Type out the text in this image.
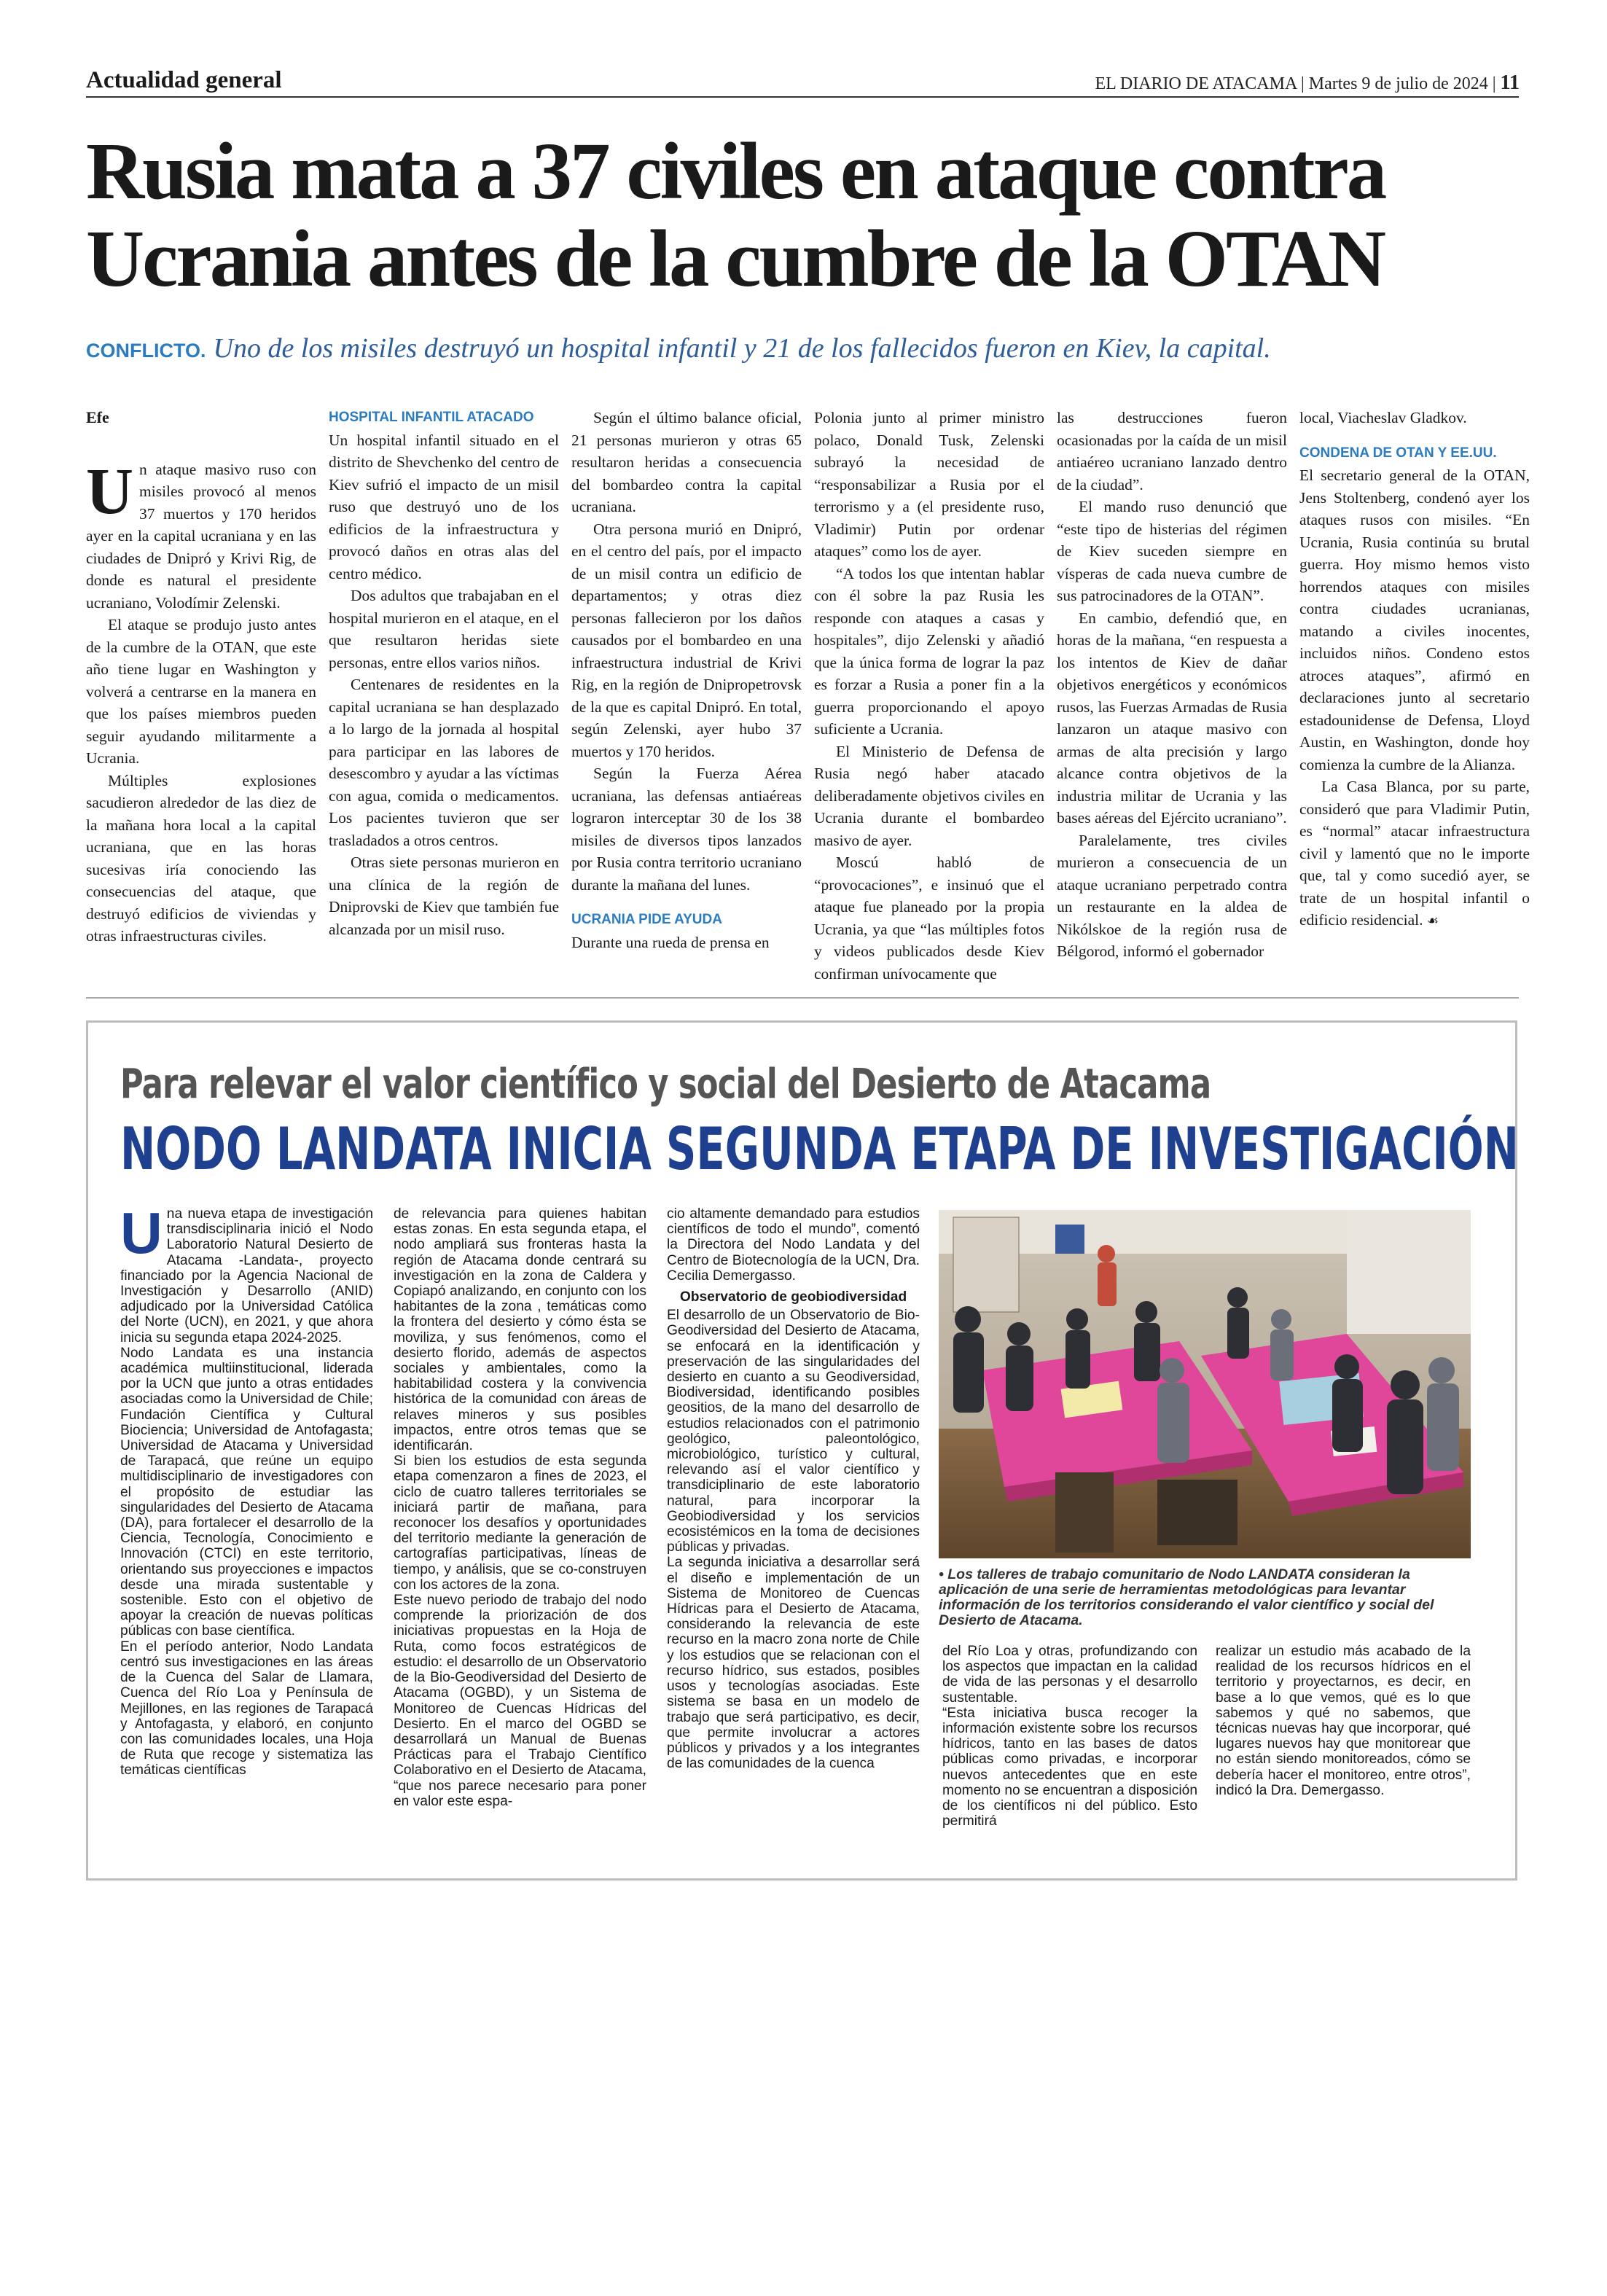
Actualidad general	EL DIARIO DE ATACAMA | Martes 9 de julio de 2024 | 11
Rusia mata a 37 civiles en ataque contra
Ucrania antes de la cumbre de la OTAN
CONFLICTO. Uno de los misiles destruyó un hospital infantil y 21 de los fallecidos fueron en Kiev, la capital.
Efe

Un ataque masivo ruso con misiles provocó al menos 37 muertos y 170 heridos ayer en la capital ucraniana y en las ciudades de Dnipró y Krivi Rig, de donde es natural el presidente ucraniano, Volodímir Zelenski.

El ataque se produjo justo antes de la cumbre de la OTAN, que este año tiene lugar en Washington y volverá a centrarse en la manera en que los países miembros pueden seguir ayudando militarmente a Ucrania.

Múltiples explosiones sacudieron alrededor de las diez de la mañana hora local a la capital ucraniana, que en las horas sucesivas iría conociendo las consecuencias del ataque, que destruyó edificios de viviendas y otras infraestructuras civiles.

HOSPITAL INFANTIL ATACADO

Un hospital infantil situado en el distrito de Shevchenko del centro de Kiev sufrió el impacto de un misil ruso que destruyó uno de los edificios de la infraestructura y provocó daños en otras alas del centro médico.

Dos adultos que trabajaban en el hospital murieron en el ataque, en el que resultaron heridas siete personas, entre ellos varios niños.

Centenares de residentes en la capital ucraniana se han desplazado a lo largo de la jornada al hospital para participar en las labores de desescombro y ayudar a las víctimas con agua, comida o medicamentos. Los pacientes tuvieron que ser trasladados a otros centros.

Otras siete personas murieron en una clínica de la región de Dniprovski de Kiev que también fue alcanzada por un misil ruso.

Según el último balance oficial, 21 personas murieron y otras 65 resultaron heridas a consecuencia del bombardeo contra la capital ucraniana.

Otra persona murió en Dnipró, en el centro del país, por el impacto de un misil contra un edificio de departamentos; y otras diez personas fallecieron por los daños causados por el bombardeo en una infraestructura industrial de Krivi Rig, en la región de Dnipropetrovsk de la que es capital Dnipró. En total, según Zelenski, ayer hubo 37 muertos y 170 heridos.

Según la Fuerza Aérea ucraniana, las defensas antiaéreas lograron interceptar 30 de los 38 misiles de diversos tipos lanzados por Rusia contra territorio ucraniano durante la mañana del lunes.

UCRANIA PIDE AYUDA

Durante una rueda de prensa en

Polonia junto al primer ministro polaco, Donald Tusk, Zelenski subrayó la necesidad de “responsabilizar a Rusia por el terrorismo y a (el presidente ruso, Vladimir) Putin por ordenar ataques” como los de ayer.

“A todos los que intentan hablar con él sobre la paz Rusia les responde con ataques a casas y hospitales”, dijo Zelenski y añadió que la única forma de lograr la paz es forzar a Rusia a poner fin a la guerra proporcionando el apoyo suficiente a Ucrania.

El Ministerio de Defensa de Rusia negó haber atacado deliberadamente objetivos civiles en Ucrania durante el bombardeo masivo de ayer.

Moscú habló de “provocaciones”, e insinuó que el ataque fue planeado por la propia Ucrania, ya que “las múltiples fotos y videos publicados desde Kiev confirman unívocamente que

las destrucciones fueron ocasionadas por la caída de un misil antiaéreo ucraniano lanzado dentro de la ciudad”.

El mando ruso denunció que “este tipo de histerias del régimen de Kiev suceden siempre en vísperas de cada nueva cumbre de sus patrocinadores de la OTAN”.

En cambio, defendió que, en horas de la mañana, “en respuesta a los intentos de Kiev de dañar objetivos energéticos y económicos rusos, las Fuerzas Armadas de Rusia lanzaron un ataque masivo con armas de alta precisión y largo alcance contra objetivos de la industria militar de Ucrania y las bases aéreas del Ejército ucraniano”.

Paralelamente, tres civiles murieron a consecuencia de un ataque ucraniano perpetrado contra un restaurante en la aldea de Nikólskoe de la región rusa de Bélgorod, informó el gobernador

local, Viacheslav Gladkov.

CONDENA DE OTAN Y EE.UU.

El secretario general de la OTAN, Jens Stoltenberg, condenó ayer los ataques rusos con misiles. “En Ucrania, Rusia continúa su brutal guerra. Hoy mismo hemos visto horrendos ataques con misiles contra ciudades ucranianas, matando a civiles inocentes, incluidos niños. Condeno estos atroces ataques”, afirmó en declaraciones junto al secretario estadounidense de Defensa, Lloyd Austin, en Washington, donde hoy comienza la cumbre de la Alianza.

La Casa Blanca, por su parte, consideró que para Vladimir Putin, es “normal” atacar infraestructura civil y lamentó que no le importe que, tal y como sucedió ayer, se trate de un hospital infantil o edificio residencial. ☙

Para relevar el valor científico y social del Desierto de Atacama
NODO LANDATA INICIA SEGUNDA ETAPA DE INVESTIGACIÓN

Una nueva etapa de investigación transdisciplinaria inició el Nodo Laboratorio Natural Desierto de Atacama -Landata-, proyecto financiado por la Agencia Nacional de Investigación y Desarrollo (ANID) adjudicado por la Universidad Católica del Norte (UCN), en 2021, y que ahora inicia su segunda etapa 2024-2025.

Nodo Landata es una instancia académica multiinstitucional, liderada por la UCN que junto a otras entidades asociadas como la Universidad de Chile; Fundación Científica y Cultural Biociencia; Universidad de Antofagasta; Universidad de Atacama y Universidad de Tarapacá, que reúne un equipo multidisciplinario de investigadores con el propósito de estudiar las singularidades del Desierto de Atacama (DA), para fortalecer el desarrollo de la Ciencia, Tecnología, Conocimiento e Innovación (CTCI) en este territorio, orientando sus proyecciones e impactos desde una mirada sustentable y sostenible. Esto con el objetivo de apoyar la creación de nuevas políticas públicas con base científica.

En el período anterior, Nodo Landata centró sus investigaciones en las áreas de la Cuenca del Salar de Llamara, Cuenca del Río Loa y Península de Mejillones, en las regiones de Tarapacá y Antofagasta, y elaboró, en conjunto con las comunidades locales, una Hoja de Ruta que recoge y sistematiza las temáticas científicas

de relevancia para quienes habitan estas zonas. En esta segunda etapa, el nodo ampliará sus fronteras hasta la región de Atacama donde centrará su investigación en la zona de Caldera y Copiapó analizando, en conjunto con los habitantes de la zona , temáticas como la frontera del desierto y cómo ésta se moviliza, y sus fenómenos, como el desierto florido, además de aspectos sociales y ambientales, como la habitabilidad costera y la convivencia histórica de la comunidad con áreas de relaves mineros y sus posibles impactos, entre otros temas que se identificarán.

Si bien los estudios de esta segunda etapa comenzaron a fines de 2023, el ciclo de cuatro talleres territoriales se iniciará partir de mañana, para reconocer los desafíos y oportunidades del territorio mediante la generación de cartografías participativas, líneas de tiempo, y análisis, que se co-construyen con los actores de la zona.

Este nuevo periodo de trabajo del nodo comprende la priorización de dos iniciativas propuestas en la Hoja de Ruta, como focos estratégicos de estudio: el desarrollo de un Observatorio de la Bio-Geodiversidad del Desierto de Atacama (OGBD), y un Sistema de Monitoreo de Cuencas Hídricas del Desierto. En el marco del OGBD se desarrollará un Manual de Buenas Prácticas para el Trabajo Científico Colaborativo en el Desierto de Atacama, “que nos parece necesario para poner en valor este espa-

cio altamente demandado para estudios científicos de todo el mundo”, comentó la Directora del Nodo Landata y del Centro de Biotecnología de la UCN, Dra. Cecilia Demergasso.

Observatorio de geobiodiversidad

El desarrollo de un Observatorio de Bio-Geodiversidad del Desierto de Atacama, se enfocará en la identificación y preservación de las singularidades del desierto en cuanto a su Geodiversidad, Biodiversidad, identificando posibles geositios, de la mano del desarrollo de estudios relacionados con el patrimonio geológico, paleontológico, microbiológico, turístico y cultural, relevando así el valor científico y transdiciplinario de este laboratorio natural, para incorporar la Geobiodiversidad y los servicios ecosistémicos en la toma de decisiones públicas y privadas.

La segunda iniciativa a desarrollar será el diseño e implementación de un Sistema de Monitoreo de Cuencas Hídricas para el Desierto de Atacama, considerando la relevancia de este recurso en la macro zona norte de Chile y los estudios que se relacionan con el recurso hídrico, sus estados, posibles usos y tecnologías asociadas. Este sistema se basa en un modelo de trabajo que será participativo, es decir, que permite involucrar a actores públicos y privados y a los integrantes de las comunidades de la cuenca

del Río Loa y otras, profundizando con los aspectos que impactan en la calidad de vida de las personas y el desarrollo sustentable.

“Esta iniciativa busca recoger la información existente sobre los recursos hídricos, tanto en las bases de datos públicas como privadas, e incorporar nuevos antecedentes que en este momento no se encuentran a disposición de los científicos ni del público. Esto permitirá

realizar un estudio más acabado de la realidad de los recursos hídricos en el territorio y proyectarnos, es decir, en base a lo que vemos, qué es lo que sabemos y qué no sabemos, que técnicas nuevas hay que incorporar, qué lugares nuevos hay que monitorear que no están siendo monitoreados, cómo se debería hacer el monitoreo, entre otros”, indicó la Dra. Demergasso.

• Los talleres de trabajo comunitario de Nodo LANDATA consideran la aplicación de una serie de herramientas metodológicas para levantar información de los territorios considerando el valor científico y social del Desierto de Atacama.
